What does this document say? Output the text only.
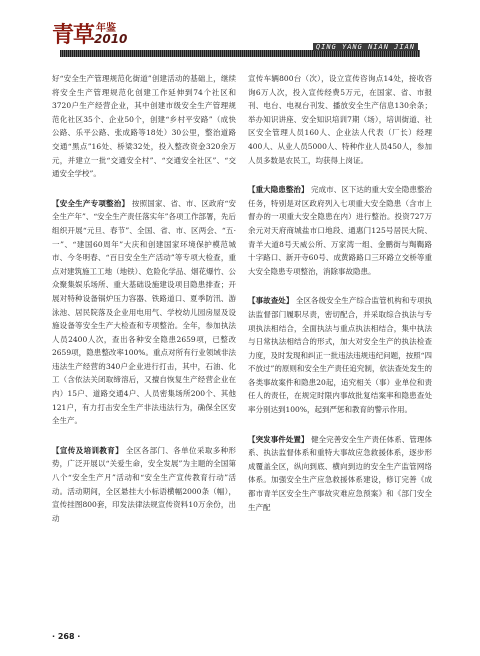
青草 年鉴
2010
QING YANG NIAN JIAN

好“安全生产管理规范化街道”创建活动的基础上，继续将安全生产管理规范化创建工作延伸到74个社区和3720户生产经营企业，其中创建市级安全生产管理规范化社区35个、企业50个，创建“乡村平安路”（成快公路、乐平公路、张成路等18处）30公里，整治道路交通“黑点”16处、桥梁32处，投入整改资金320余万元，并建立一批“交通安全村”、“交通安全社区”、“交通安全学校”。

【安全生产专项整治】 按照国家、省、市、区政府“安全生产年”、“安全生产责任落实年”各项工作部署，先后组织开展“元旦、春节”、全国、省、市、区两会、“五·一”、“建国60周年”大庆和创建国家环境保护模范城市、今冬明春、“百日安全生产活动”等专项大检查，重点对建筑施工工地（地铁）、危险化学品、烟花爆竹、公众聚集娱乐场所、重大基础设施建设项目隐患排查；开展对特种设备锅炉压力容器、铁路道口、夏季防汛、游泳池、居民院落及企业用电用气、学校幼儿园房屋及设施设备等安全生产大检查和专项整治。全年，参加执法人员2400人次，查出各种安全隐患2659项，已整改2659项，隐患整改率100%。重点对所有行业领域非法违法生产经营的340户企业进行打击，其中，石油、化工（含依法关闭取缔溶后，又擅自恢复生产经营企业在内）15户、道路交通4户、人员密集场所200个、其他121户，有力打击安全生产非法违法行为，确保全区安全生产。

【宣传及培训教育】 全区各部门、各单位采取多种形势，广泛开展以“关爱生命，安全发展”为主题的全国第八个“安全生产月”活动和“安全生产宣传教育行动”活动。活动期间，全区悬挂大小标语横幅2000条（幅），宣传挂图800套，印发法律法规宣传资料10万余份，出动

宣传车辆800台（次），设立宣传咨询点14处，接收咨询6万人次，投入宣传经费5万元，在国家、省、市报刊、电台、电视台刊发、播放安全生产信息130余条；举办知识讲座、安全知识培训7期（场），培训街道、社区安全管理人员160人、企业法人代表（厂长）经理400人、从业人员5000人、特种作业人员450人，参加人员多数是农民工，均获得上岗证。

【重大隐患整治】 完成市、区下达的重大安全隐患整治任务，特别是对区政府列入七项重大安全隐患（含市上督办的一项重大安全隐患在内）进行整治。投资727万余元对天府商城盐市口地段、通惠门125号居民大院、青羊大道8号天威公所、万家湾一组、金鹏街与羯鞨路十字路口、新开寺60号、成黄路路口三环路立交桥等重大安全隐患专项整治，消除事故隐患。

【事故查处】 全区各级安全生产综合监管机构和专项执法监督部门履职尽责，密切配合，并采取综合执法与专项执法相结合，全面执法与重点执法相结合，集中执法与日常执法相结合的形式，加大对安全生产的执法检查力度，及时发现和纠正一批违法违规违纪问题，按照“四不放过”的原则和安全生产责任追究制，依法查处发生的各类事故案件和隐患20起，追究相关（事）业单位和责任人的责任，在规定时限内事故批复结案率和隐患查处率分别达到100%，起到严惩和教育的警示作用。

【突发事件处置】 健全完善安全生产责任体系、管理体系、执法监督体系和重特大事故应急救援体系，逐步形成覆盖全区，纵向到底、横向到边的安全生产监管网络体系。加强安全生产应急救援体系建设，修订完善《成都市青羊区安全生产事故灾难应急预案》和《部门安全生产配

· 268 ·
